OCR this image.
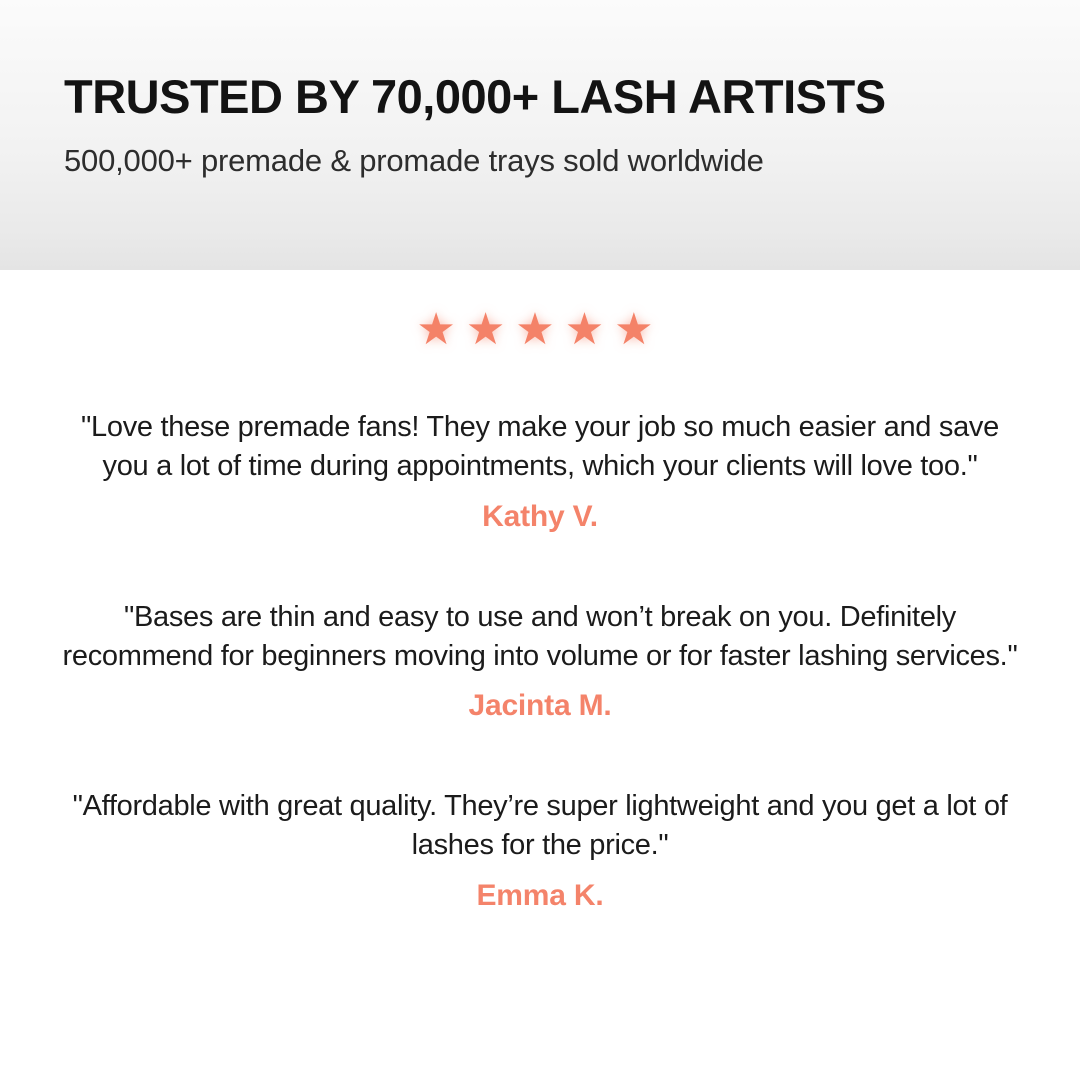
TRUSTED BY 70,000+ LASH ARTISTS

500,000+ premade & promade trays sold worldwide

★★★★★

"Love these premade fans! They make your job so much easier and save you a lot of time during appointments, which your clients will love too."

Kathy V.

"Bases are thin and easy to use and won’t break on you. Definitely recommend for beginners moving into volume or for faster lashing services."

Jacinta M.

"Affordable with great quality. They’re super lightweight and you get a lot of lashes for the price."

Emma K.
